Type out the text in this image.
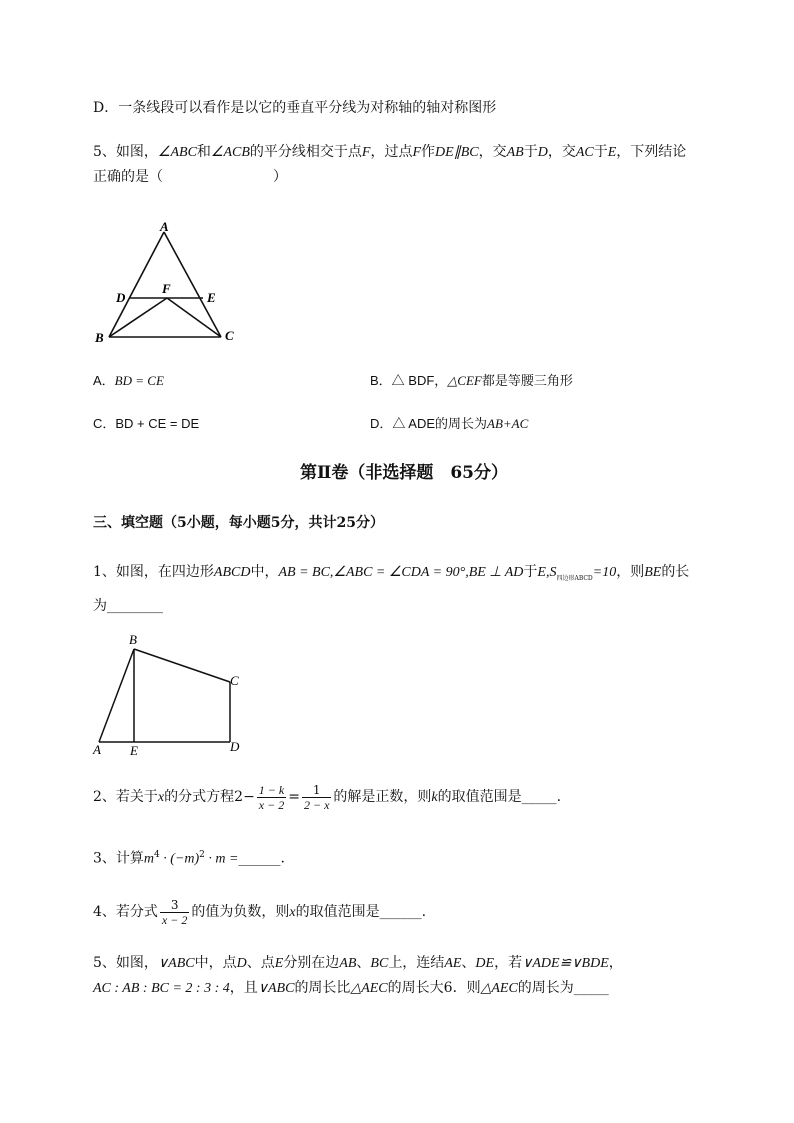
D．一条线段可以看作是以它的垂直平分线为对称轴的轴对称图形
5、如图，∠ABC和∠ACB的平分线相交于点F，过点F作DE∥BC，交AB于D，交AC于E，下列结论
正确的是（	）
A
B	C
D	E
F
A．BD = CE	B．△ BDF，△CEF都是等腰三角形
C．BD + CE = DE	D．△ ADE的周长为AB+AC
第Ⅱ卷（非选择题　65分）
三、填空题（5小题，每小题5分，共计25分）
1、如图，在四边形ABCD中，AB = BC,∠ABC = ∠CDA = 90°,BE ⊥ AD于$E,S_{四边形ABCD}=10$，则BE的长
为________
B
A E	D
C
2、若关于x的分式方程$2- \frac{1 - k}{x - 2} = \frac{1}{2 - x}$ 的解是正数，则k的取值范围是_____.
3、计算$m^4 \cdot (-m)^2 \cdot m$ =______.
4、若分式 $\frac{3}{x - 2}$ 的值为负数，则x的取值范围是______.
5、如图，∨ABC中，点D、点E分别在边AB、BC上，连结AE、DE，若∨ADE≌∨BDE，
AC : AB : BC = 2 : 3 : 4，且∨ABC的周长比△AEC的周长大6．则△AEC的周长为_____
